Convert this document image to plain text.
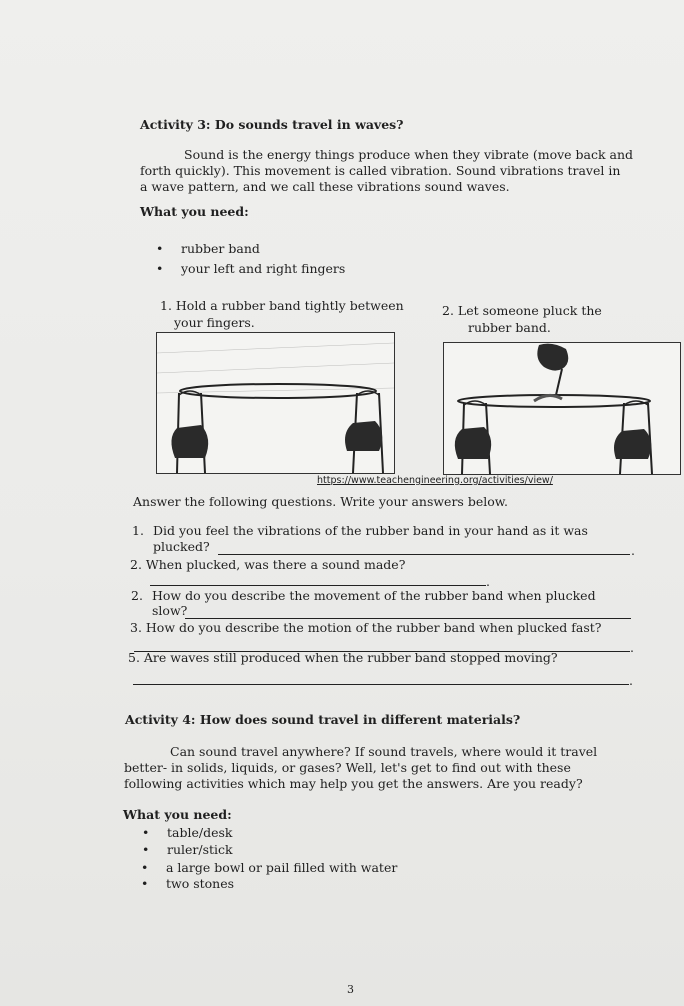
Activity 3: Do sounds travel in waves?
Sound is the energy things produce when they vibrate (move back and
forth quickly). This movement is called vibration. Sound vibrations travel in
a wave pattern, and we call these vibrations sound waves.
What you need:
• rubber band
• your left and right fingers
1. Hold a rubber band tightly between
your fingers.
2. Let someone pluck the
rubber band.
https://www.teachengineering.org/activities/view/
Answer the following questions. Write your answers below.
1. Did you feel the vibrations of the rubber band in your hand as it was
plucked?	.
2. When plucked, was there a sound made?
.
2. How do you describe the movement of the rubber band when plucked
slow?
3. How do you describe the motion of the rubber band when plucked fast?
.
5. Are waves still produced when the rubber band stopped moving?
.
Activity 4: How does sound travel in different materials?
Can sound travel anywhere? If sound travels, where would it travel
better- in solids, liquids, or gases? Well, let's get to find out with these
following activities which may help you get the answers. Are you ready?
What you need:
• table/desk
• ruler/stick
• a large bowl or pail filled with water
• two stones
3
